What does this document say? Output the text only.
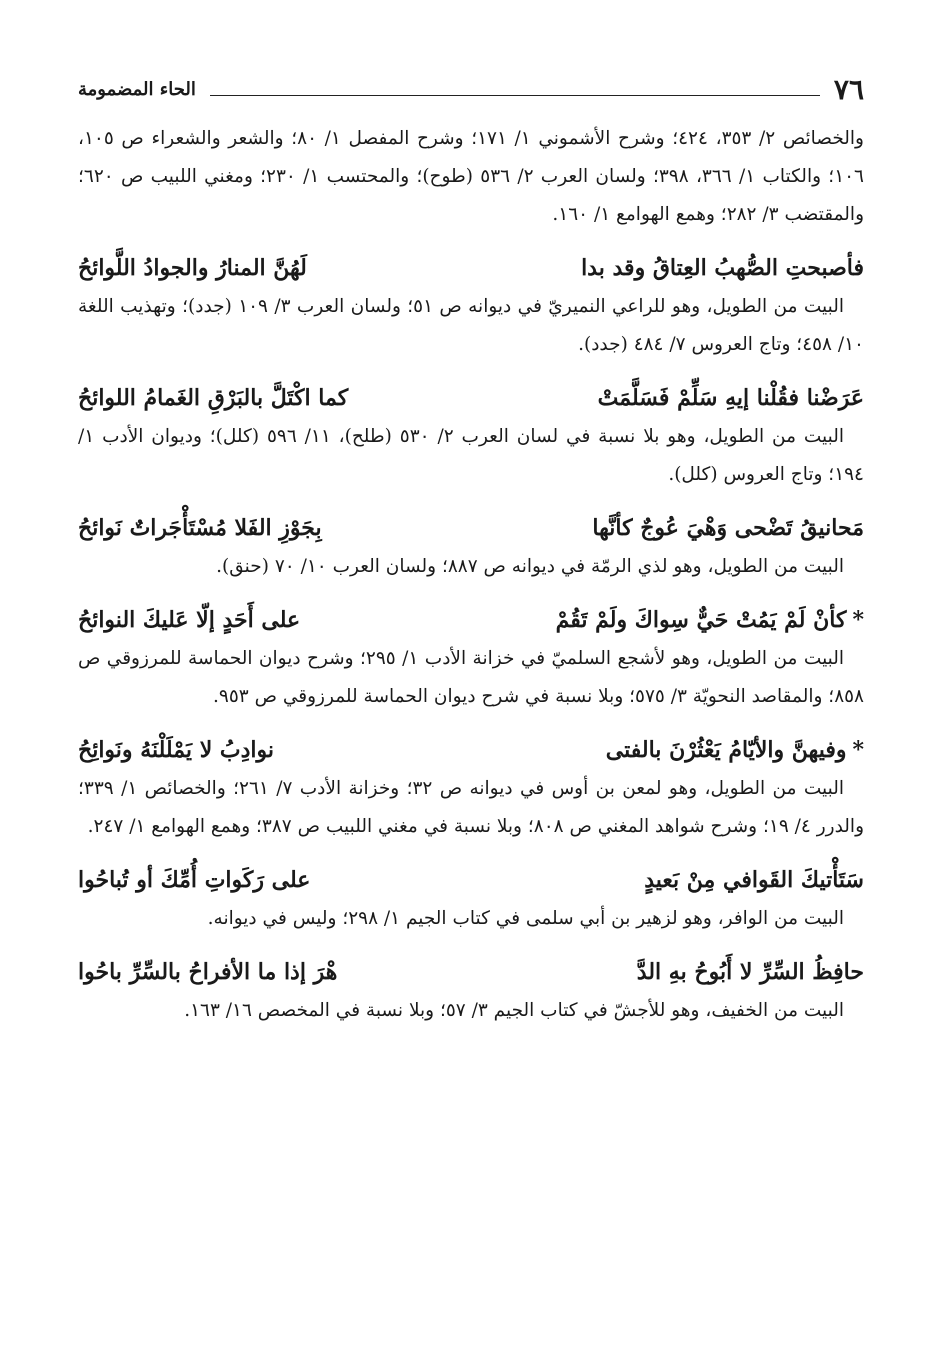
٧٦
الحاء المضمومة

والخصائص ٢/ ٣٥٣، ٤٢٤؛ وشرح الأشموني ١/ ١٧١؛ وشرح المفصل ١/ ٨٠؛ والشعر والشعراء ص ١٠٥، ١٠٦؛ والكتاب ١/ ٣٦٦، ٣٩٨؛ ولسان العرب ٢/ ٥٣٦ (طوح)؛ والمحتسب ١/ ٢٣٠؛ ومغني اللبيب ص ٦٢٠؛ والمقتضب ٣/ ٢٨٢؛ وهمع الهوامع ١/ ١٦٠.

فأصبحتِ الصُّهبُ العِتاقُ وقد بدا
لَهُنَّ المنارُ والجوادُ اللَّوائحُ

البيت من الطويل، وهو للراعي النميريّ في ديوانه ص ٥١؛ ولسان العرب ٣/ ١٠٩ (جدد)؛ وتهذيب اللغة ١٠/ ٤٥٨؛ وتاج العروس ٧/ ٤٨٤ (جدد).

عَرَضْنا فقُلْنا إيهِ سَلِّمْ فَسَلَّمَتْ
كما اكْتَلَّ بالبَرْقِ الغَمامُ اللوائحُ

البيت من الطويل، وهو بلا نسبة في لسان العرب ٢/ ٥٣٠ (طلح)، ١١/ ٥٩٦ (كلل)؛ وديوان الأدب ١/ ١٩٤؛ وتاج العروس (كلل).

مَحانيقُ تَضْحى وَهْيَ عُوجٌ كأنَّها
بِجَوْزِ الفَلا مُسْتَأْجَراتٌ نَوائحُ

البيت من الطويل، وهو لذي الرمّة في ديوانه ص ٨٨٧؛ ولسان العرب ١٠/ ٧٠ (حنق).

*كأنْ لَمْ يَمُتْ حَيٌّ سِواكَ ولَمْ تَقُمْ
على أَحَدٍ إلّا عَليكَ النوائحُ

البيت من الطويل، وهو لأشجع السلميّ في خزانة الأدب ١/ ٢٩٥؛ وشرح ديوان الحماسة للمرزوقي ص ٨٥٨؛ والمقاصد النحويّة ٣/ ٥٧٥؛ وبلا نسبة في شرح ديوان الحماسة للمرزوقي ص ٩٥٣.

*وفيهنَّ والأيّامُ يَعْثُرْنَ بالفتى
نوادِبُ لا يَمْلَلْنَهُ ونَوائِحُ

البيت من الطويل، وهو لمعن بن أوس في ديوانه ص ٣٢؛ وخزانة الأدب ٧/ ٢٦١؛ والخصائص ١/ ٣٣٩؛ والدرر ٤/ ١٩؛ وشرح شواهد المغني ص ٨٠٨؛ وبلا نسبة في مغني اللبيب ص ٣٨٧؛ وهمع الهوامع ١/ ٢٤٧.

سَتَأْتيكَ القَوافي مِنْ بَعيدٍ
على رَكَواتِ أُمِّكَ أو تُباحُوا

البيت من الوافر، وهو لزهير بن أبي سلمى في كتاب الجيم ١/ ٢٩٨؛ وليس في ديوانه.

حافِظُ السِّرِّ لا أَبُوحُ بهِ الدَّ
هْرَ إذا ما الأفراحُ بالسِّرِّ باحُوا

البيت من الخفيف، وهو للأجشّ في كتاب الجيم ٣/ ٥٧؛ وبلا نسبة في المخصص ١٦/ ١٦٣.
